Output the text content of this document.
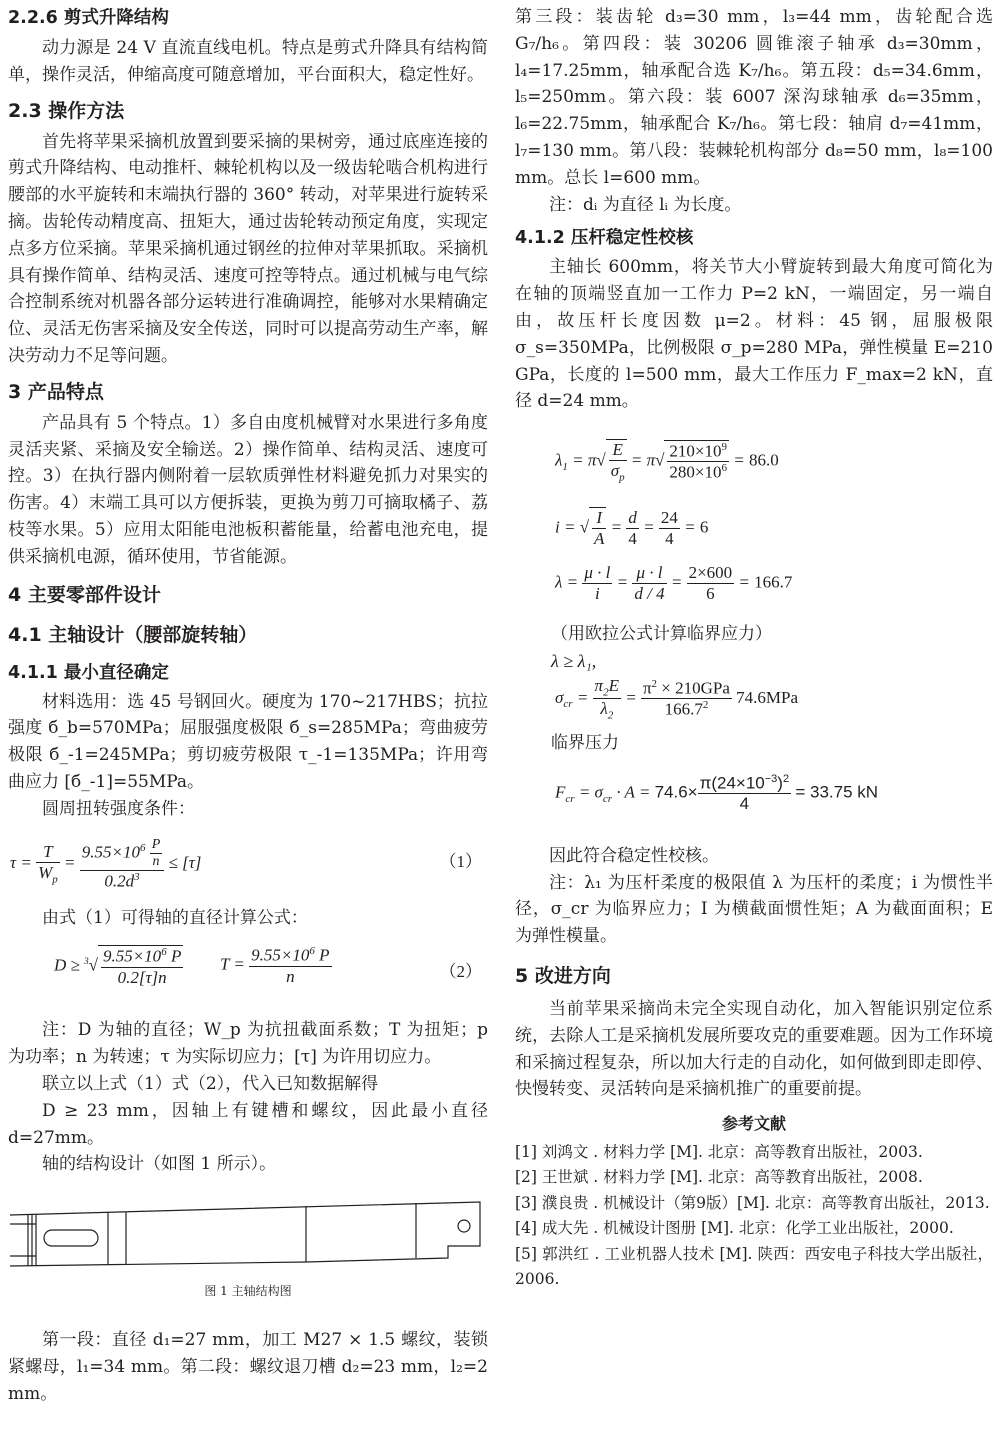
2.2.6 剪式升降结构

动力源是 24 V 直流直线电机。特点是剪式升降具有结构简单，操作灵活，伸缩高度可随意增加，平台面积大，稳定性好。

2.3 操作方法

首先将苹果采摘机放置到要采摘的果树旁，通过底座连接的剪式升降结构、电动推杆、棘轮机构以及一级齿轮啮合机构进行腰部的水平旋转和末端执行器的 360° 转动，对苹果进行旋转采摘。齿轮传动精度高、扭矩大，通过齿轮转动预定角度，实现定点多方位采摘。苹果采摘机通过钢丝的拉伸对苹果抓取。采摘机具有操作简单、结构灵活、速度可控等特点。通过机械与电气综合控制系统对机器各部分运转进行准确调控，能够对水果精确定位、灵活无伤害采摘及安全传送，同时可以提高劳动生产率，解决劳动力不足等问题。

3 产品特点

产品具有 5 个特点。1）多自由度机械臂对水果进行多角度灵活夹紧、采摘及安全输送。2）操作简单、结构灵活、速度可控。3）在执行器内侧附着一层软质弹性材料避免抓力对果实的伤害。4）末端工具可以方便拆装，更换为剪刀可摘取橘子、荔枝等水果。5）应用太阳能电池板积蓄能量，给蓄电池充电，提供采摘机电源，循环使用，节省能源。

4 主要零部件设计
4.1 主轴设计（腰部旋转轴）
4.1.1 最小直径确定

材料选用：选 45 号钢回火。硬度为 170~217HBS；抗拉强度 б_b=570MPa；屈服强度极限 б_s=285MPa；弯曲疲劳极限 б_-1=245MPa；剪切疲劳极限 τ_-1=135MPa；许用弯曲应力 [б_-1]=55MPa。

圆周扭转强度条件：

$\tau = \frac{T}{W_p} = \frac{9.55\times 10^6 \frac{P}{n}}{0.2d^3} \le [\tau]$	（1）

由式（1）可得轴的直径计算公式：

$D \ge ^3√ \frac{9.55\times 10^6 P}{0.2[\tau]n}$ $T = \frac{9.55\times 10^6 P}{n}$	（2）

注：D 为轴的直径；W_p 为抗扭截面系数；T 为扭矩；p 为功率；n 为转速；τ 为实际切应力；[τ] 为许用切应力。

联立以上式（1）式（2），代入已知数据解得

D ≥ 23 mm，因轴上有键槽和螺纹，因此最小直径 d=27mm。

轴的结构设计（如图 1 所示）。

图 1 主轴结构图

第一段：直径 d₁=27 mm，加工 M27 × 1.5 螺纹，装锁紧螺母，l₁=34 mm。第二段：螺纹退刀槽 d₂=23 mm，l₂=2 mm。

第三段：装齿轮 d₃=30 mm，l₃=44 mm，齿轮配合选 G₇/h₆。第四段：装 30206 圆锥滚子轴承 d₃=30mm，l₄=17.25mm，轴承配合选 K₇/h₆。第五段：d₅=34.6mm，l₅=250mm。第六段：装 6007 深沟球轴承 d₆=35mm，l₆=22.75mm，轴承配合 K₇/h₆。第七段：轴肩 d₇=41mm，l₇=130 mm。第八段：装棘轮机构部分 d₈=50 mm，l₈=100 mm。总长 l=600 mm。

注：dᵢ 为直径 lᵢ 为长度。

4.1.2 压杆稳定性校核

主轴长 600mm，将关节大小臂旋转到最大角度可简化为在轴的顶端竖直加一工作力 P=2 kN，一端固定，另一端自由，故压杆长度因数 μ=2。材料：45 钢，屈服极限 σ_s=350MPa，比例极限 σ_p=280 MPa，弹性模量 E=210 GPa，长度的 l=500 mm，最大工作压力 F_max=2 kN，直径 d=24 mm。

$\lambda_1 = \pi√ \frac{E}{\sigma_p} = \pi√ \frac{210\times 10^9}{280\times 10^6} = 86.0$
i = √ $\frac{I}{A} = \frac{d}{4} = \frac{24}{4} = 6$
$\lambda = \frac{\mu \cdot l}{i} = \frac{\mu \cdot l}{d / 4} = \frac{2\times 600}{6} = 166.7$

（用欧拉公式计算临界应力）

λ ≥ λ₁,

$\sigma_{cr} = \frac{\pi_2E}{\lambda_2} = \frac{\pi^2 \times 210GPa}{166.7^2} 74.6MPa$

临界压力

$F_{cr} = \sigma_{cr} \cdot A = 74.6\times \frac{\pi(24\times 10^{-3})^2}{4} = 33.75$ kN

因此符合稳定性校核。

注：λ₁ 为压杆柔度的极限值 λ 为压杆的柔度；i 为惯性半径，σ_cr 为临界应力；I 为横截面惯性矩；A 为截面面积；E 为弹性模量。

5 改进方向

当前苹果采摘尚未完全实现自动化，加入智能识别定位系统，去除人工是采摘机发展所要攻克的重要难题。因为工作环境和采摘过程复杂，所以加大行走的自动化，如何做到即走即停、快慢转变、灵活转向是采摘机推广的重要前提。

参考文献

[1] 刘鸿文 . 材料力学 [M]. 北京：高等教育出版社，2003.

[2] 王世斌 . 材料力学 [M]. 北京：高等教育出版社，2008.

[3] 濮良贵 . 机械设计（第9版）[M]. 北京：高等教育出版社，2013.

[4] 成大先 . 机械设计图册 [M]. 北京：化学工业出版社，2000.

[5] 郭洪红 . 工业机器人技术 [M]. 陕西：西安电子科技大学出版社，2006.
